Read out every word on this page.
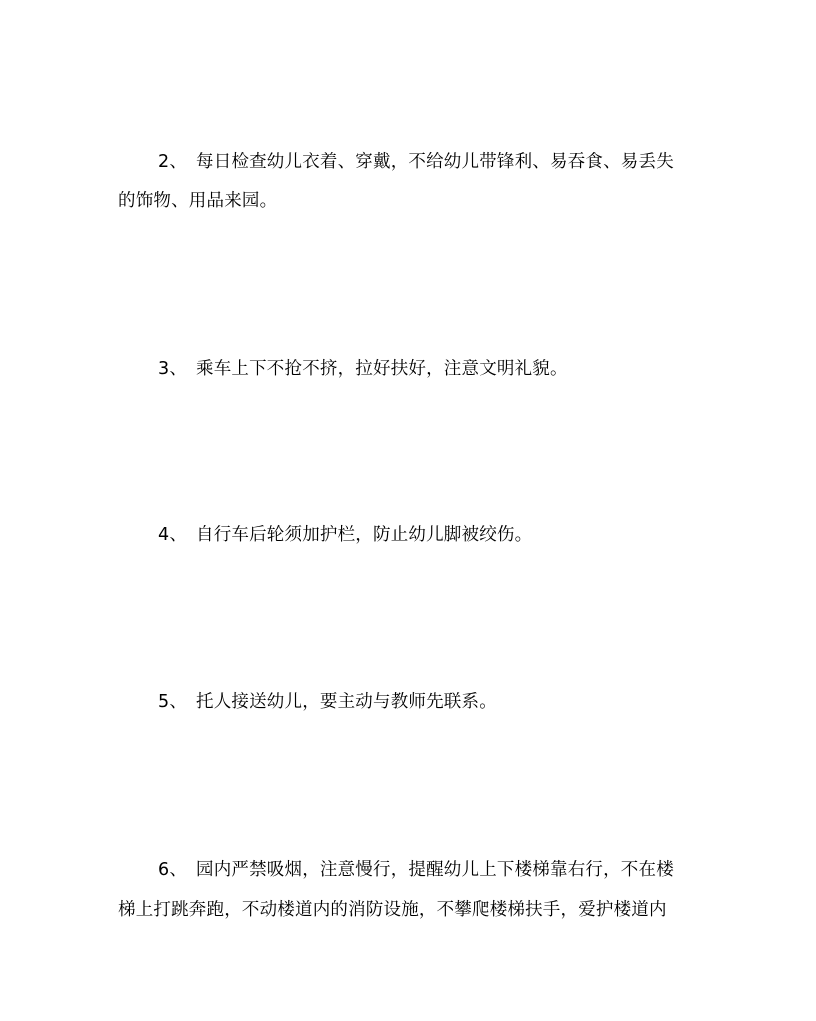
2、 每日检查幼儿衣着、穿戴，不给幼儿带锋利、易吞食、易丢失
的饰物、用品来园。
3、 乘车上下不抢不挤，拉好扶好，注意文明礼貌。
4、 自行车后轮须加护栏，防止幼儿脚被绞伤。
5、 托人接送幼儿，要主动与教师先联系。
6、 园内严禁吸烟，注意慢行，提醒幼儿上下楼梯靠右行，不在楼
梯上打跳奔跑，不动楼道内的消防设施，不攀爬楼梯扶手，爱护楼道内
